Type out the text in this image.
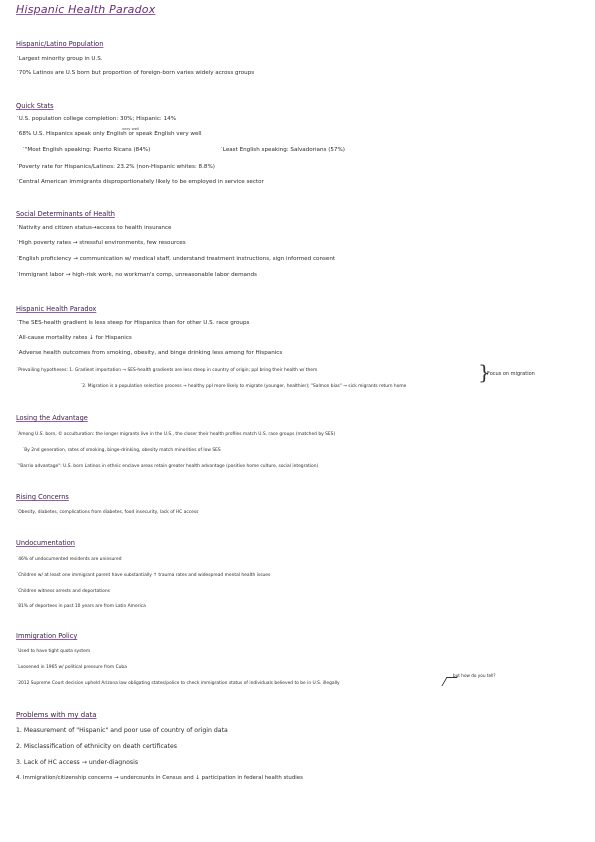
Hispanic Health Paradox
Hispanic/Latino Population
˙Largest minority group in U.S.
˙70% Latinos are U.S born but proportion of foreign-born varies widely across groups
Quick Stats
˙U.S. population college completion: 30%; Hispanic: 14%
very well
˙68% U.S. Hispanics speak only English or speak English very well
˙"Most English speaking: Puerto Ricans (84%)	˙Least English speaking: Salvadorians (57%)
˙Poverty rate for Hispanics/Latinos: 23.2% (non-Hispanic whites: 8.8%)
˙Central American immigrants disproportionately likely to be employed in service sector
Social Determinants of Health
˙Nativity and citizen status→access to health insurance
˙High poverty rates → stressful environments, few resources
˙English proficiency → communication w/ medical staff, understand treatment instructions, sign informed consent
˙Immigrant labor → high-risk work, no workman's comp, unreasonable labor demands
Hispanic Health Paradox
˙The SES-health gradient is less steep for Hispanics than for other U.S. race groups
˙All-cause mortality rates ↓ for Hispanics
˙Adverse health outcomes from smoking, obesity, and binge drinking less among for Hispanics
˙Prevailing hypotheses: 1. Gradient importation → SES-health gradients are less steep in country of origin; ppl bring their health w/ them
˙2. Migration is a population selection process → healthy ppl more likely to migrate (younger, healthier); "Salmon bias" → sick migrants return home
}
Focus on migration
Losing the Advantage
˙Among U.S. born, © acculturation: the longer migrants live in the U.S., the closer their health profiles match U.S. race groups (matched by SES)
˙By 2nd generation, rates of smoking, binge-drinking, obesity match minorities of low SES
˙"Barrio advantage": U.S. born Latinos in ethnic enclave areas retain greater health advantage (positive home culture, social integration)
Rising Concerns
˙Obesity, diabetes, complications from diabetes, food insecurity, lack of HC access
Undocumentation
˙46% of undocumented residents are uninsured
˙Children w/ at least one immigrant parent have substantially ↑ trauma rates and widespread mental health issues
˙Children witness arrests and deportations
˙81% of deportees in past 10 years are from Latin America
Immigration Policy
˙Used to have tight quota system
˙Loosened in 1965 w/ political pressure from Cuba
˙2012 Supreme Court decision upheld Arizona law obligating states/police to check immigration status of individuals believed to be in U.S. illegally
but how do you tell?
Problems with my data
1. Measurement of "Hispanic" and poor use of country of origin data
2. Misclassification of ethnicity on death certificates
3. Lack of HC access → under-diagnosis
4. Immigration/citizenship concerns → undercounts in Census and ↓ participation in federal health studies
